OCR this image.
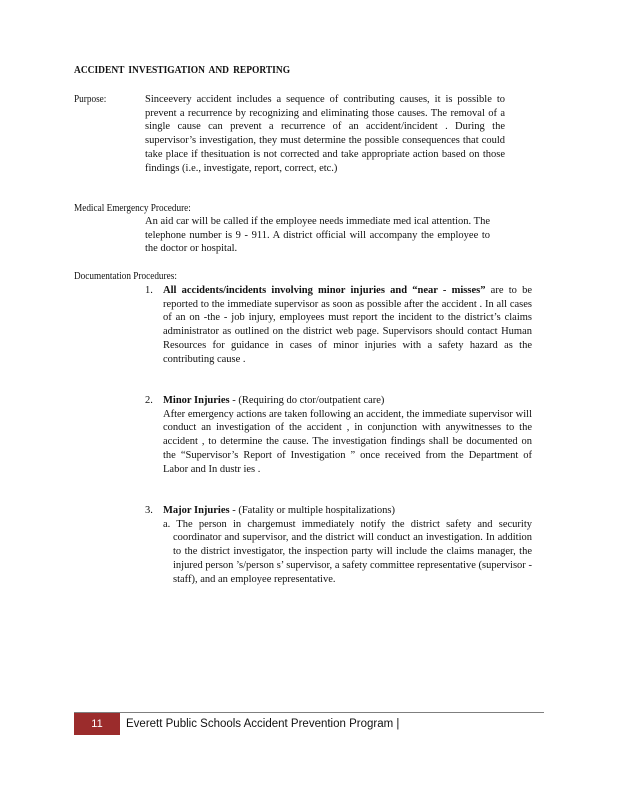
ACCIDENT INVESTIGATION AND REPORTING
Purpose:	Sinceevery accident includes a sequence of contributing causes, it is possible to prevent a recurrence by recognizing and eliminating those causes. The removal of a single cause can prevent a recurrence of an accident/incident . During the supervisor’s investigation, they must determine the possible consequences that could take place if thesituation is not corrected and take appropriate action based on those findings (i.e., investigate, report, correct, etc.)
Medical Emergency Procedure:
An aid car will be called if the employee needs immediate med ical attention. The telephone number is 9 - 911. A district official will accompany the employee to the doctor or hospital.
Documentation Procedures:
1. All accidents/incidents involving minor injuries and “near - misses” are to be reported to the immediate supervisor as soon as possible after the accident . In all cases of an on -the - job injury, employees must report the incident to the district’s claims administrator as outlined on the district web page. Supervisors should contact Human Resources for guidance in cases of minor injuries with a safety hazard as the contributing cause .
2. Minor Injuries - (Requiring do ctor/outpatient care)
After emergency actions are taken following an accident, the immediate supervisor will conduct an investigation of the accident , in conjunction with anywitnesses to the accident , to determine the cause. The investigation findings shall be documented on the “Supervisor’s Report of Investigation ” once received from the Department of Labor and In dustr ies .
3. Major Injuries - (Fatality or multiple hospitalizations)
a. The person in chargemust immediately notify the district safety and security coordinator and supervisor, and the district will conduct an investigation. In addition to the district investigator, the inspection party will include the claims manager, the injured person ’s/person s’ supervisor, a safety committee representative (supervisor -staff), and an employee representative.
11	Everett Public Schools Accident Prevention Program |
